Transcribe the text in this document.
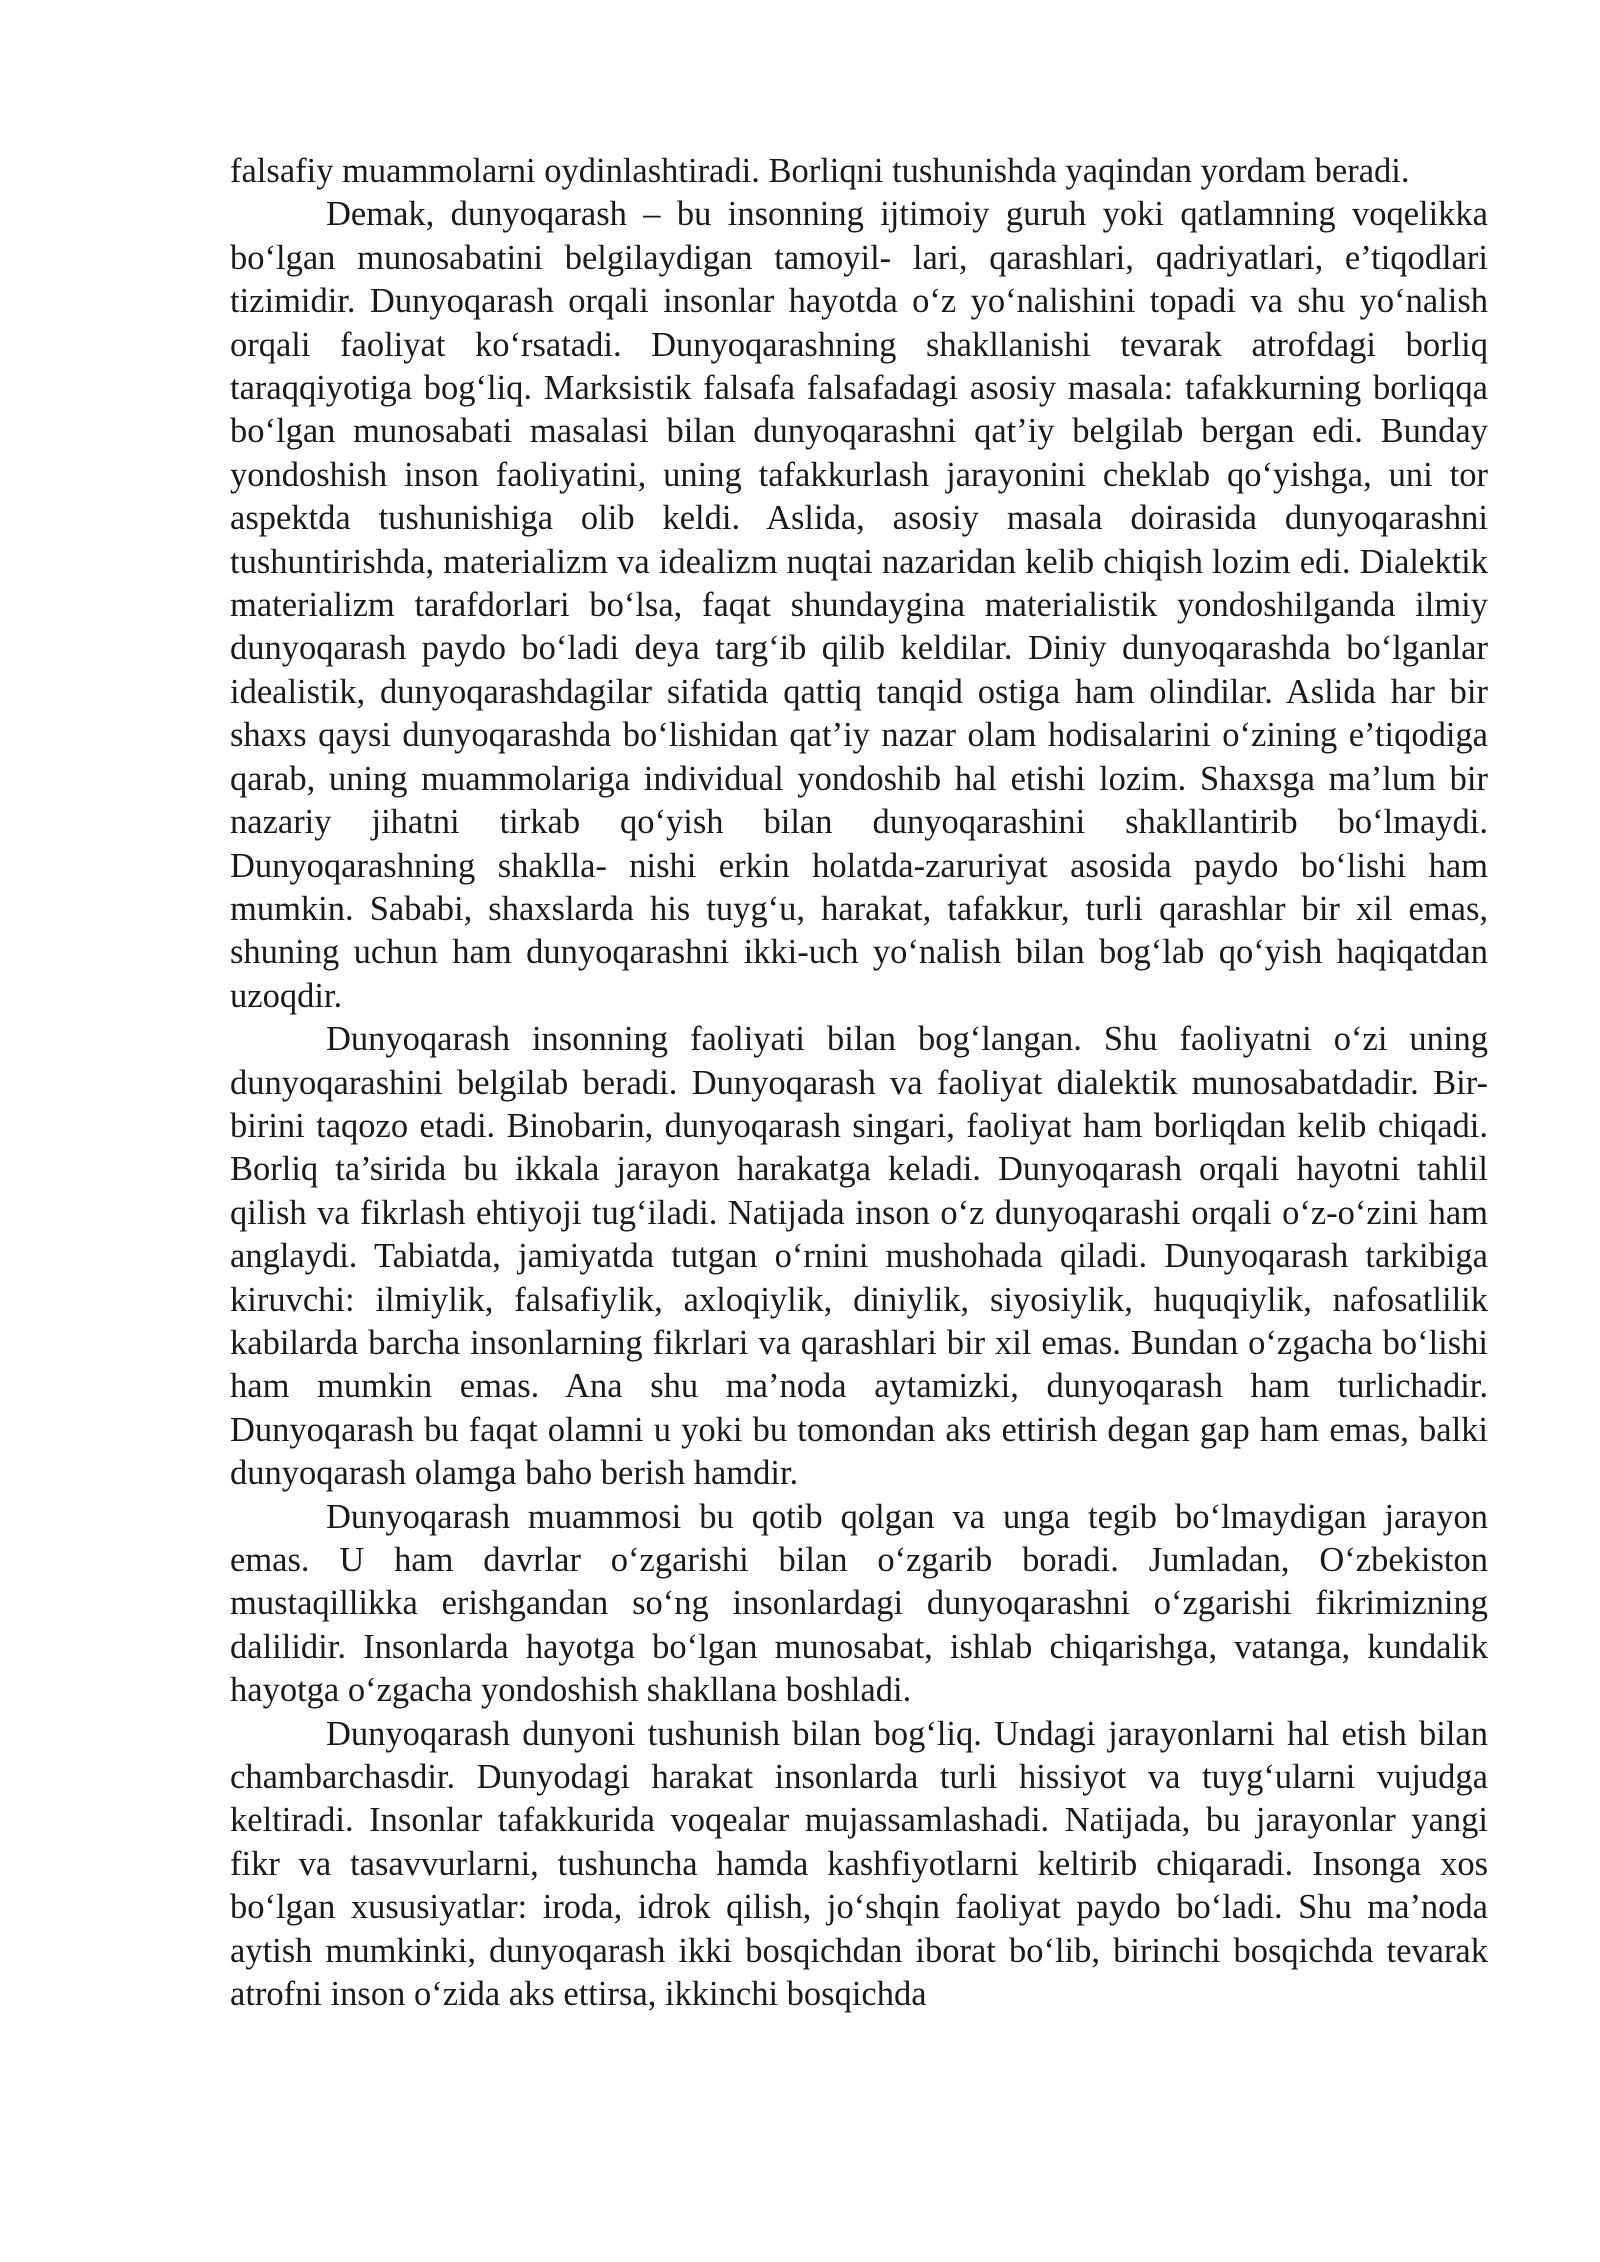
falsafiy muammolarni oydinlashtiradi. Borliqni tushunishda yaqindan yordam beradi.

Demak, dunyoqarash – bu insonning ijtimoiy guruh yoki qatlamning voqelikka bo‘lgan munosabatini belgilaydigan tamoyil- lari, qarashlari, qadriyatlari, e’tiqodlari tizimidir. Dunyoqarash orqali insonlar hayotda o‘z yo‘nalishini topadi va shu yo‘nalish orqali faoliyat ko‘rsatadi. Dunyoqarashning shakllanishi tevarak atrofdagi borliq taraqqiyotiga bog‘liq. Marksistik falsafa falsafadagi asosiy masala: tafakkurning borliqqa bo‘lgan munosabati masalasi bilan dunyoqarashni qat’iy belgilab bergan edi. Bunday yondoshish inson faoliyatini, uning tafakkurlash jarayonini cheklab qo‘yishga, uni tor aspektda tushunishiga olib keldi. Aslida, asosiy masala doirasida dunyoqarashni tushuntirishda, materializm va idealizm nuqtai nazaridan kelib chiqish lozim edi. Dialektik materializm tarafdorlari bo‘lsa, faqat shundaygina materialistik yondoshilganda ilmiy dunyoqarash paydo bo‘ladi deya targ‘ib qilib keldilar. Diniy dunyoqarashda bo‘lganlar idealistik, dunyoqarashdagilar sifatida qattiq tanqid ostiga ham olindilar. Aslida har bir shaxs qaysi dunyoqarashda bo‘lishidan qat’iy nazar olam hodisalarini o‘zining e’tiqodiga qarab, uning muammolariga individual yondoshib hal etishi lozim. Shaxsga ma’lum bir nazariy jihatni tirkab qo‘yish bilan dunyoqarashini shakllantirib bo‘lmaydi. Dunyoqarashning shaklla- nishi erkin holatda-zaruriyat asosida paydo bo‘lishi ham mumkin. Sababi, shaxslarda his tuyg‘u, harakat, tafakkur, turli qarashlar bir xil emas, shuning uchun ham dunyoqarashni ikki-uch yo‘nalish bilan bog‘lab qo‘yish haqiqatdan uzoqdir.

Dunyoqarash insonning faoliyati bilan bog‘langan. Shu faoliyatni o‘zi uning dunyoqarashini belgilab beradi. Dunyoqarash va faoliyat dialektik munosabatdadir. Bir-birini taqozo etadi. Binobarin, dunyoqarash singari, faoliyat ham borliqdan kelib chiqadi. Borliq ta’sirida bu ikkala jarayon harakatga keladi. Dunyoqarash orqali hayotni tahlil qilish va fikrlash ehtiyoji tug‘iladi. Natijada inson o‘z dunyoqarashi orqali o‘z-o‘zini ham anglaydi. Tabiatda, jamiyatda tutgan o‘rnini mushohada qiladi. Dunyoqarash tarkibiga kiruvchi: ilmiylik, falsafiylik, axloqiylik, diniylik, siyosiylik, huquqiylik, nafosatlilik kabilarda barcha insonlarning fikrlari va qarashlari bir xil emas. Bundan o‘zgacha bo‘lishi ham mumkin emas. Ana shu ma’noda aytamizki, dunyoqarash ham turlichadir. Dunyoqarash bu faqat olamni u yoki bu tomondan aks ettirish degan gap ham emas, balki dunyoqarash olamga baho berish hamdir.

Dunyoqarash muammosi bu qotib qolgan va unga tegib bo‘lmaydigan jarayon emas. U ham davrlar o‘zgarishi bilan o‘zgarib boradi. Jumladan, O‘zbekiston mustaqillikka erishgandan so‘ng insonlardagi dunyoqarashni o‘zgarishi fikrimizning dalilidir. Insonlarda hayotga bo‘lgan munosabat, ishlab chiqarishga, vatanga, kundalik hayotga o‘zgacha yondoshish shakllana boshladi.

Dunyoqarash dunyoni tushunish bilan bog‘liq. Undagi jarayonlarni hal etish bilan chambarchasdir. Dunyodagi harakat insonlarda turli hissiyot va tuyg‘ularni vujudga keltiradi. Insonlar tafakkurida voqealar mujassamlashadi. Natijada, bu jarayonlar yangi fikr va tasavvurlarni, tushuncha hamda kashfiyotlarni keltirib chiqaradi. Insonga xos bo‘lgan xususiyatlar: iroda, idrok qilish, jo‘shqin faoliyat paydo bo‘ladi. Shu ma’noda aytish mumkinki, dunyoqarash ikki bosqichdan iborat bo‘lib, birinchi bosqichda tevarak atrofni inson o‘zida aks ettirsa, ikkinchi bosqichda
